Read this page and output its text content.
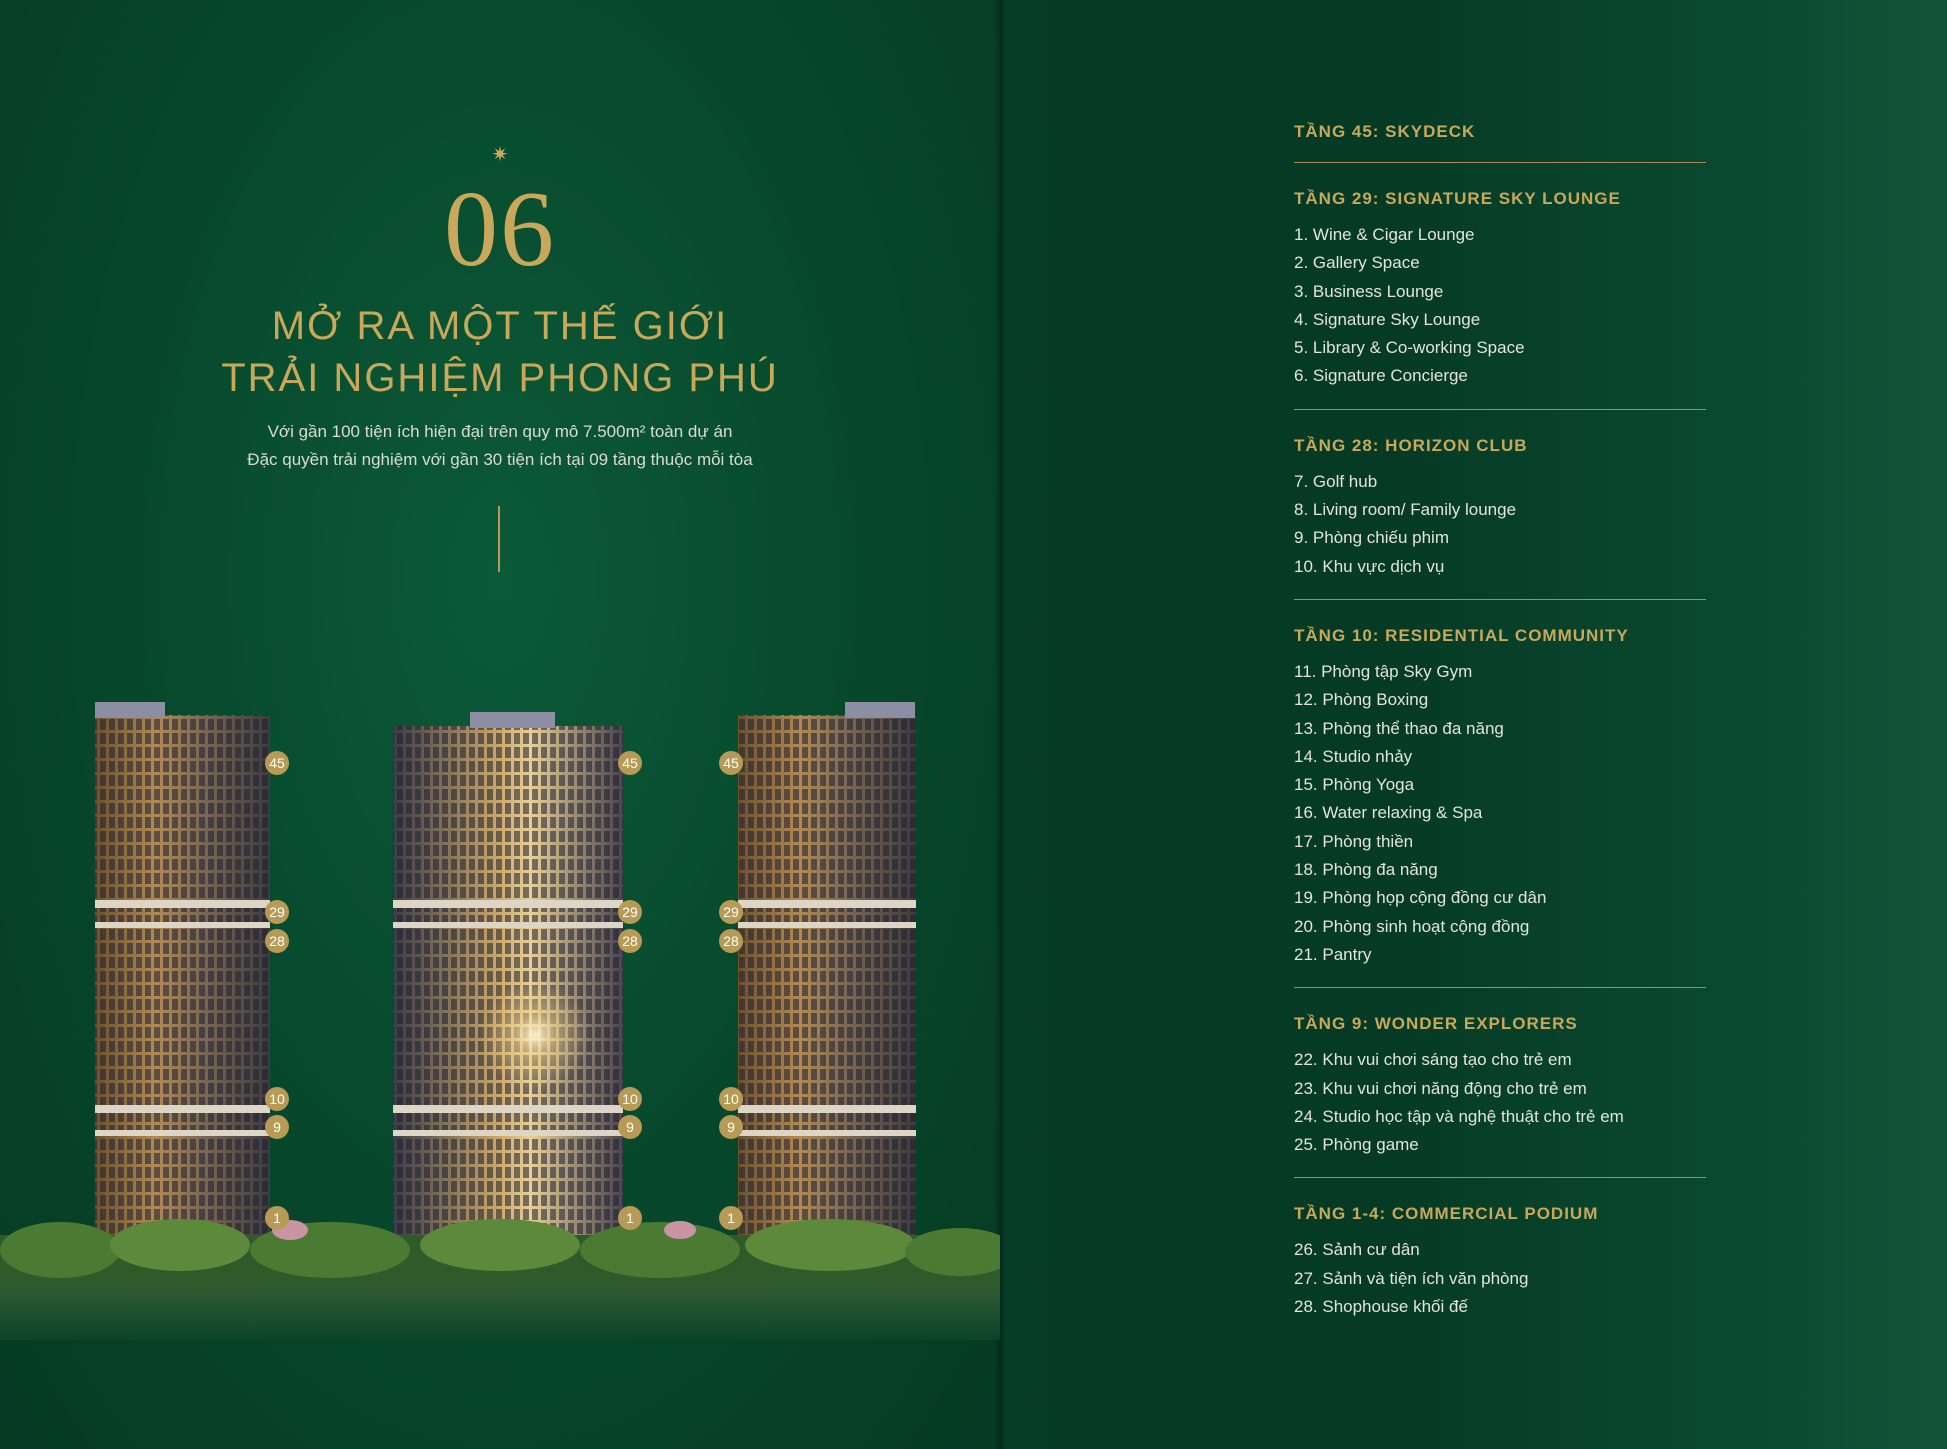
✷
06
MỞ RA MỘT THẾ GIỚI
TRẢI NGHIỆM PHONG PHÚ
Với gần 100 tiện ích hiện đại trên quy mô 7.500m² toàn dự án
Đặc quyền trải nghiệm với gần 30 tiện ích tại 09 tầng thuộc mỗi tòa
45
29
28
10
9
1
45
29
28
10
9
1
45
29
28
10
9
1
TẦNG 45: SKYDECK
TẦNG 29: SIGNATURE SKY LOUNGE
1. Wine & Cigar Lounge
2. Gallery Space
3. Business Lounge
4. Signature Sky Lounge
5. Library & Co-working Space
6. Signature Concierge
TẦNG 28: HORIZON CLUB
7. Golf hub
8. Living room/ Family lounge
9. Phòng chiếu phim
10. Khu vực dịch vụ
TẦNG 10: RESIDENTIAL COMMUNITY
11. Phòng tập Sky Gym
12. Phòng Boxing
13. Phòng thể thao đa năng
14. Studio nhảy
15. Phòng Yoga
16. Water relaxing & Spa
17. Phòng thiền
18. Phòng đa năng
19. Phòng họp cộng đồng cư dân
20. Phòng sinh hoạt cộng đồng
21. Pantry
TẦNG 9: WONDER EXPLORERS
22. Khu vui chơi sáng tạo cho trẻ em
23. Khu vui chơi năng động cho trẻ em
24. Studio học tập và nghệ thuật cho trẻ em
25. Phòng game
TẦNG 1-4: COMMERCIAL PODIUM
26. Sảnh cư dân
27. Sảnh và tiện ích văn phòng
28. Shophouse khối đế
